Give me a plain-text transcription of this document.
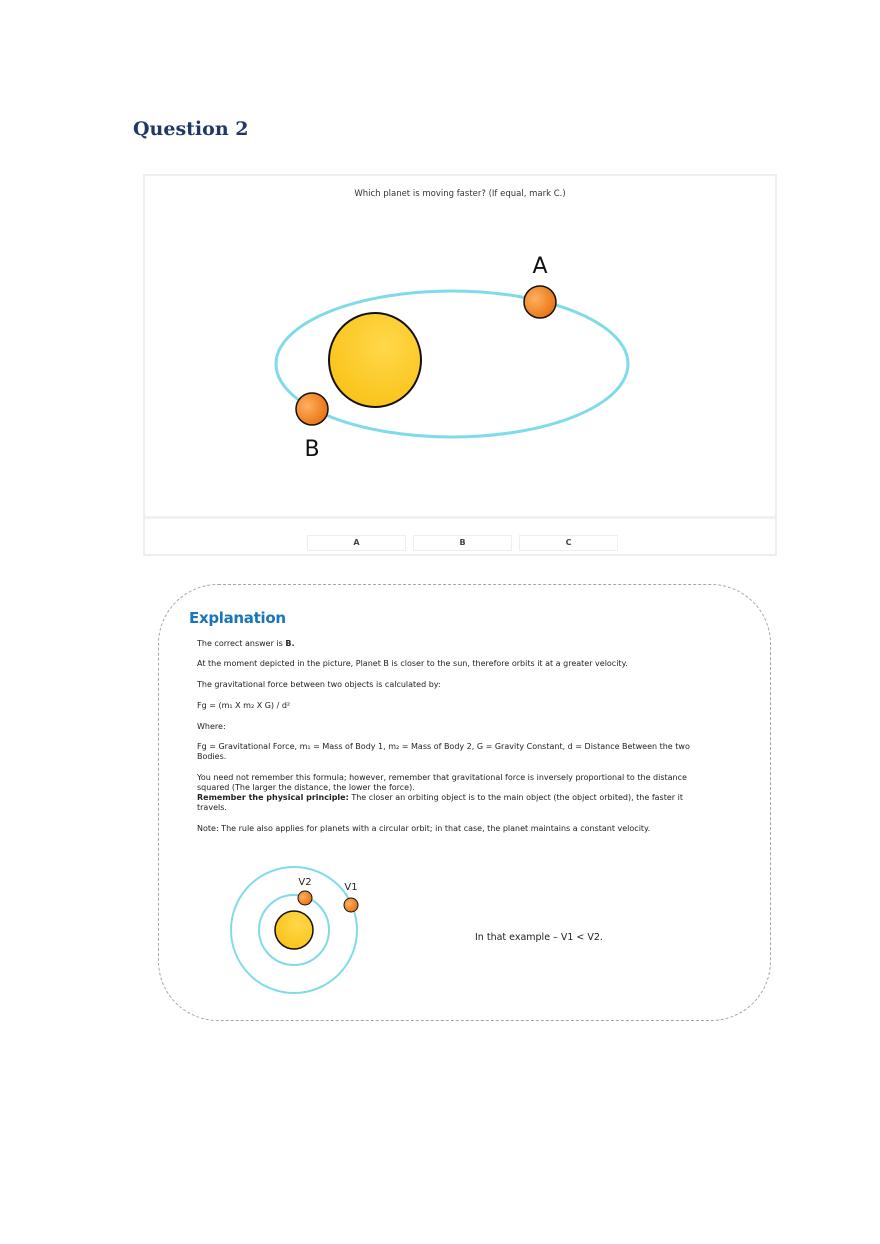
Question 2
Which planet is moving faster? (If equal, mark C.)
A	B	C
A
B
V2	V1
Explanation
The correct answer is B.
At the moment depicted in the picture, Planet B is closer to the sun, therefore orbits it at a greater velocity.
The gravitational force between two objects is calculated by:
Fg = (m₁ X m₂ X G) / d²
Where:
Fg = Gravitational Force, m₁ = Mass of Body 1, m₂ = Mass of Body 2, G = Gravity Constant, d = Distance Between the two Bodies.
You need not remember this formula; however, remember that gravitational force is inversely proportional to the distance squared (The larger the distance, the lower the force).
Remember the physical principle: The closer an orbiting object is to the main object (the object orbited), the faster it travels.
Note: The rule also applies for planets with a circular orbit; in that case, the planet maintains a constant velocity.
In that example – V1 < V2.
